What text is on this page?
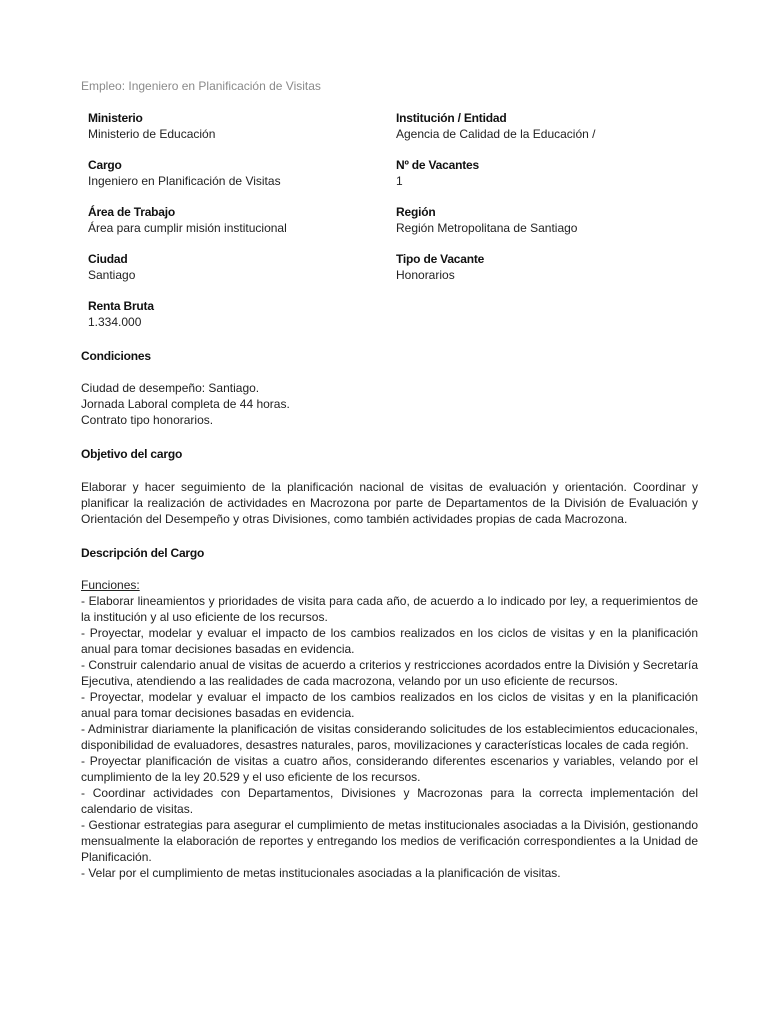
Empleo: Ingeniero en Planificación de Visitas
Ministerio
Ministerio de Educación
Institución / Entidad
Agencia de Calidad de la Educación /
Cargo
Ingeniero en Planificación de Visitas
Nº de Vacantes
1
Área de Trabajo
Área para cumplir misión institucional
Región
Región Metropolitana de Santiago
Ciudad
Santiago
Tipo de Vacante
Honorarios
Renta Bruta
1.334.000
Condiciones

Ciudad de desempeño: Santiago.

Jornada Laboral completa de 44 horas.

Contrato tipo honorarios.

Objetivo del cargo
Elaborar y hacer seguimiento de la planificación nacional de visitas de evaluación y orientación. Coordinar y planificar la realización de actividades en Macrozona por parte de Departamentos de la División de Evaluación y Orientación del Desempeño y otras Divisiones, como también actividades propias de cada Macrozona.
Descripción del Cargo

Funciones:

- Elaborar lineamientos y prioridades de visita para cada año, de acuerdo a lo indicado por ley, a requerimientos de la institución y al uso eficiente de los recursos.

- Proyectar, modelar y evaluar el impacto de los cambios realizados en los ciclos de visitas y en la planificación anual para tomar decisiones basadas en evidencia.

- Construir calendario anual de visitas de acuerdo a criterios y restricciones acordados entre la División y Secretaría Ejecutiva, atendiendo a las realidades de cada macrozona, velando por un uso eficiente de recursos.

- Proyectar, modelar y evaluar el impacto de los cambios realizados en los ciclos de visitas y en la planificación anual para tomar decisiones basadas en evidencia.

- Administrar diariamente la planificación de visitas considerando solicitudes de los establecimientos educacionales, disponibilidad de evaluadores, desastres naturales, paros, movilizaciones y características locales de cada región.

- Proyectar planificación de visitas a cuatro años, considerando diferentes escenarios y variables, velando por el cumplimiento de la ley 20.529 y el uso eficiente de los recursos.

- Coordinar actividades con Departamentos, Divisiones y Macrozonas para la correcta implementación del calendario de visitas.

- Gestionar estrategias para asegurar el cumplimiento de metas institucionales asociadas a la División, gestionando mensualmente la elaboración de reportes y entregando los medios de verificación correspondientes a la Unidad de Planificación.

- Velar por el cumplimiento de metas institucionales asociadas a la planificación de visitas.
